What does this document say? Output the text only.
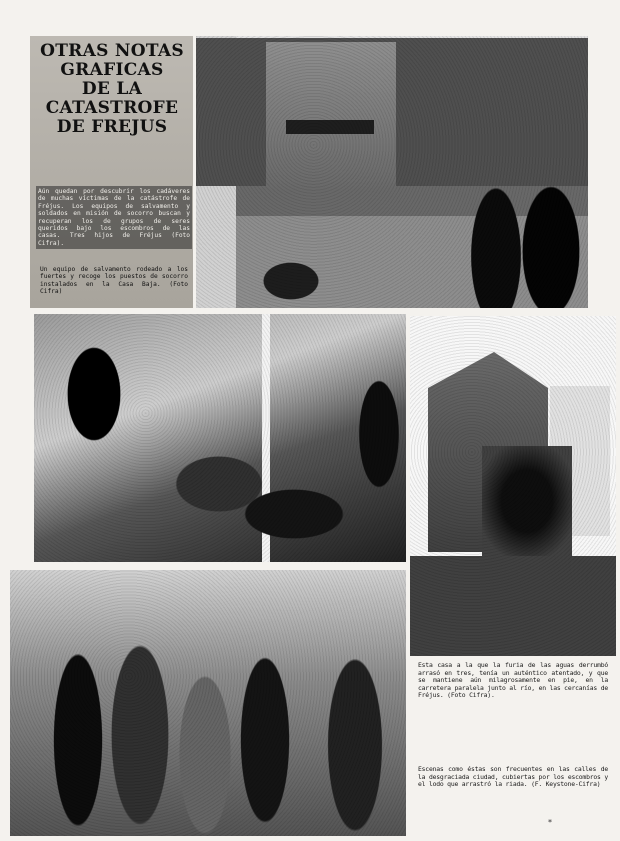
OTRAS NOTAS
GRAFICAS
DE LA CATASTROFE
DE FREJUS
Aún quedan por descubrir los cadáveres de muchas víctimas de la catástrofe de Fréjus. Los equipos de salvamento y soldados en misión de socorro buscan y recuperan los de grupos de seres queridos bajo los escombros de las casas. Tres hijos de Fréjus (Foto Cifra).
Un equipo de salvamento rodeado a los fuertes y recoge los puestos de socorro instalados en la Casa Baja. (Foto Cifra)
Esta casa a la que la furia de las aguas derrumbó arrasó en tres, tenía un auténtico atentado, y que se mantiene aún milagrosamente en pie, en la carretera paralela junto al río, en las cercanías de Fréjus. (Foto Cifra).
Escenas como éstas son frecuentes en las calles de la desgraciada ciudad, cubiertas por los escombros y el lodo que arrastró la riada. (F. Keystone-Cifra)
*
